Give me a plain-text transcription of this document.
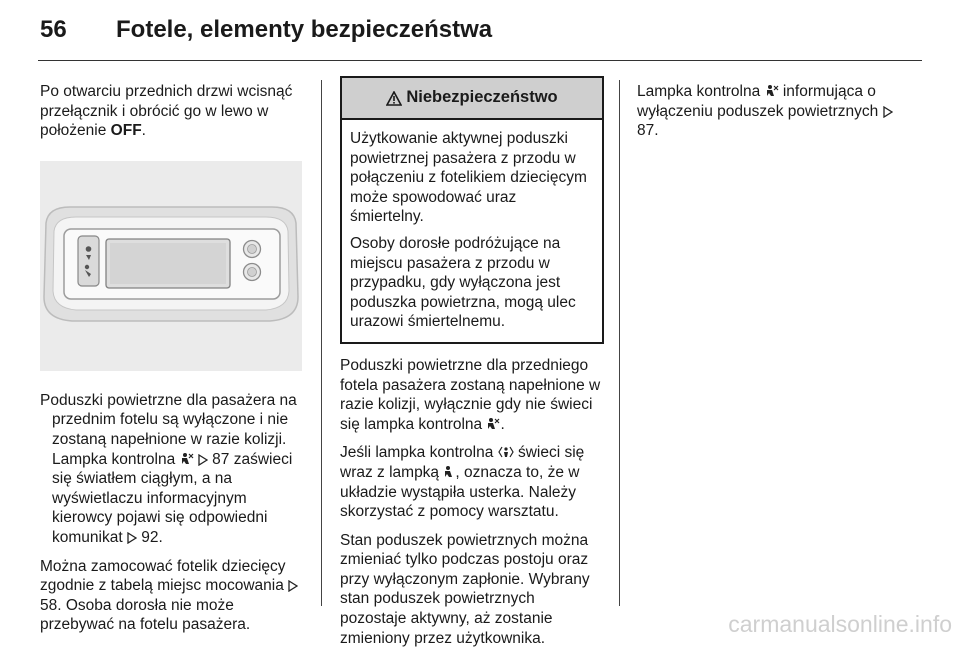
56 Fotele, elementy bezpieczeństwa

Po otwarciu przednich drzwi wcisnąć przełącznik i obrócić go w lewo w położenie OFF.

Poduszki powietrzne dla pasażera na przednim fotelu są wyłączone i nie zostaną napełnione w razie kolizji. Lampka kontrolna   87 zaświeci się światłem ciągłym, a na wyświetlaczu informacyjnym kierowcy pojawi się odpowiedni komunikat  92.

Można zamocować fotelik dziecięcy zgodnie z tabelą miejsc mocowania  58. Osoba dorosła nie może przebywać na fotelu pasażera.

Niebezpieczeństwo

Użytkowanie aktywnej poduszki powietrznej pasażera z przodu w połączeniu z fotelikiem dziecięcym może spowodować uraz śmiertelny.

Osoby dorosłe podróżujące na miejscu pasażera z przodu w przypadku, gdy wyłączona jest poduszka powietrzna, mogą ulec urazowi śmiertelnemu.

Poduszki powietrzne dla przedniego fotela pasażera zostaną napełnione w razie kolizji, wyłącznie gdy nie świeci się lampka kontrolna .

Jeśli lampka kontrolna  świeci się wraz z lampką , oznacza to, że w układzie wystąpiła usterka. Należy skorzystać z pomocy warsztatu.

Stan poduszek powietrznych można zmieniać tylko podczas postoju oraz przy wyłączonym zapłonie. Wybrany stan poduszek powietrznych pozostaje aktywny, aż zostanie zmieniony przez użytkownika.

Lampka kontrolna  informująca o wyłączeniu poduszek powietrznych  87.

carmanualsonline.info
